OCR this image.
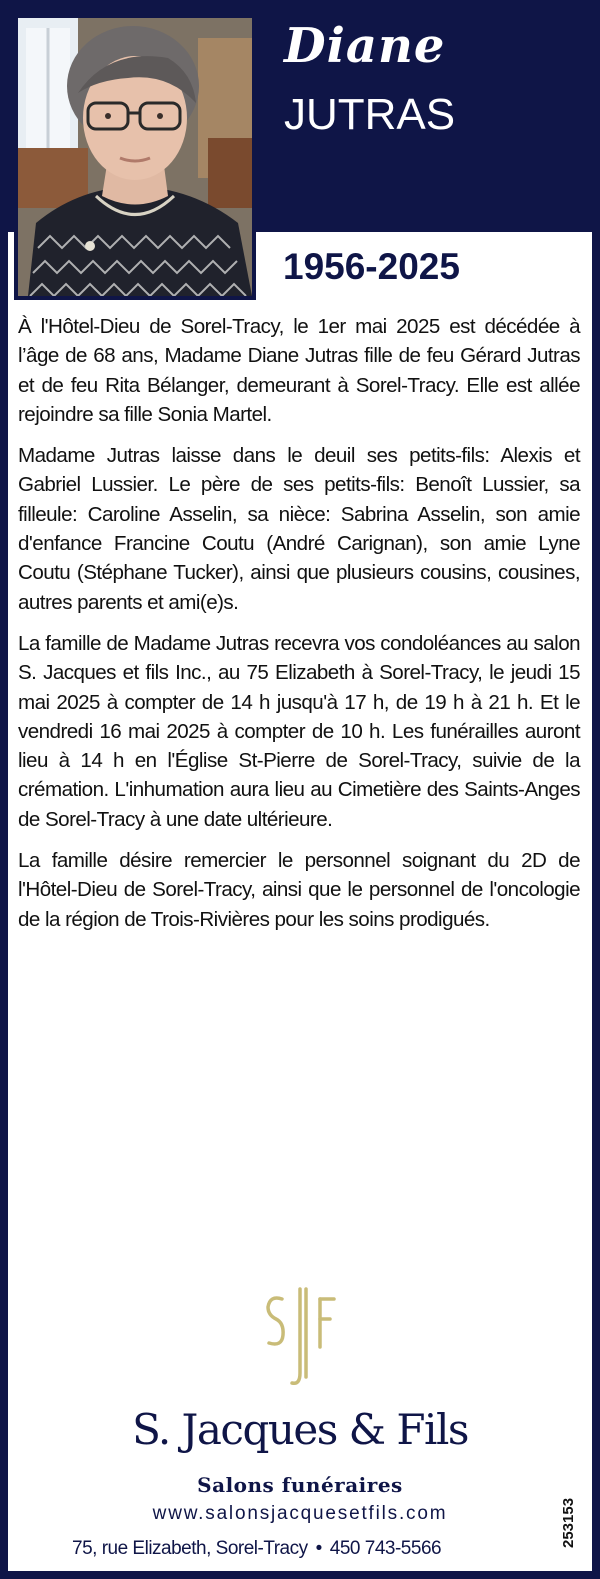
Diane
JUTRAS
1956-2025

À l'Hôtel-Dieu de Sorel-Tracy, le 1er mai 2025 est décédée à l’âge de 68 ans, Madame Diane Jutras fille de feu Gérard Jutras et de feu Rita Bélanger, demeurant à Sorel-Tracy. Elle est allée rejoindre sa fille Sonia Martel.

Madame Jutras laisse dans le deuil ses petits-fils: Alexis et Gabriel Lussier. Le père de ses petits-fils: Benoît Lussier, sa filleule: Caroline Asselin, sa nièce: Sabrina Asselin, son amie d'enfance Francine Coutu (André Carignan), son amie Lyne Coutu (Stéphane Tucker), ainsi que plusieurs cousins, cousines, autres parents et ami(e)s.

La famille de Madame Jutras recevra vos condoléances au salon S. Jacques et fils Inc., au 75 Elizabeth à Sorel-Tracy, le jeudi 15 mai 2025 à compter de 14 h jusqu'à 17 h, de 19 h à 21 h. Et le vendredi 16 mai 2025 à compter de 10 h. Les funérailles auront lieu à 14 h en l'Église St-Pierre de Sorel-Tracy, suivie de la crémation. L'inhumation aura lieu au Cimetière des Saints-Anges de Sorel-Tracy à une date ultérieure.

La famille désire remercier le personnel soignant du 2D de l'Hôtel-Dieu de Sorel-Tracy, ainsi que le personnel de l'oncologie de la région de Trois-Rivières pour les soins prodigués.

S. Jacques & Fils
Salons funéraires
www.salonsjacquesetfils.com
75, rue Elizabeth, Sorel-Tracy • 450 743-5566
253153
